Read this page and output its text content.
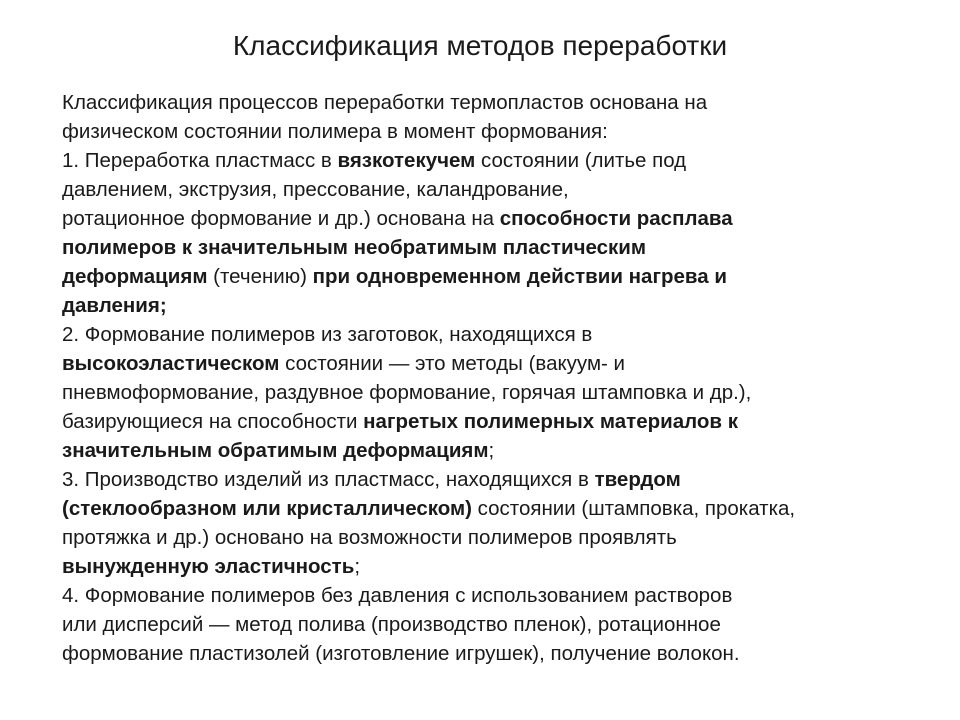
Классификация методов переработки
Классификация процессов переработки термопластов основана на
физическом состоянии полимера в момент формования:
1. Переработка пластмасс в вязкотекучем состоянии (литье под
давлением, экструзия, прессование, каландрование,
ротационное формование и др.) основана на способности расплава
полимеров к значительным необратимым пластическим
деформациям (течению) при одновременном действии нагрева и
давления;
2. Формование полимеров из заготовок, находящихся в
высокоэластическом состоянии — это методы (вакуум- и
пневмоформование, раздувное формование, горячая штамповка и др.),
базирующиеся на способности нагретых полимерных материалов к
значительным обратимым деформациям;
3. Производство изделий из пластмасс, находящихся в твердом
(стеклообразном или кристаллическом) состоянии (штамповка, прокатка,
протяжка и др.) основано на возможности полимеров проявлять
вынужденную эластичность;
4. Формование полимеров без давления с использованием растворов
или дисперсий — метод полива (производство пленок), ротационное
формование пластизолей (изготовление игрушек), получение волокон.
